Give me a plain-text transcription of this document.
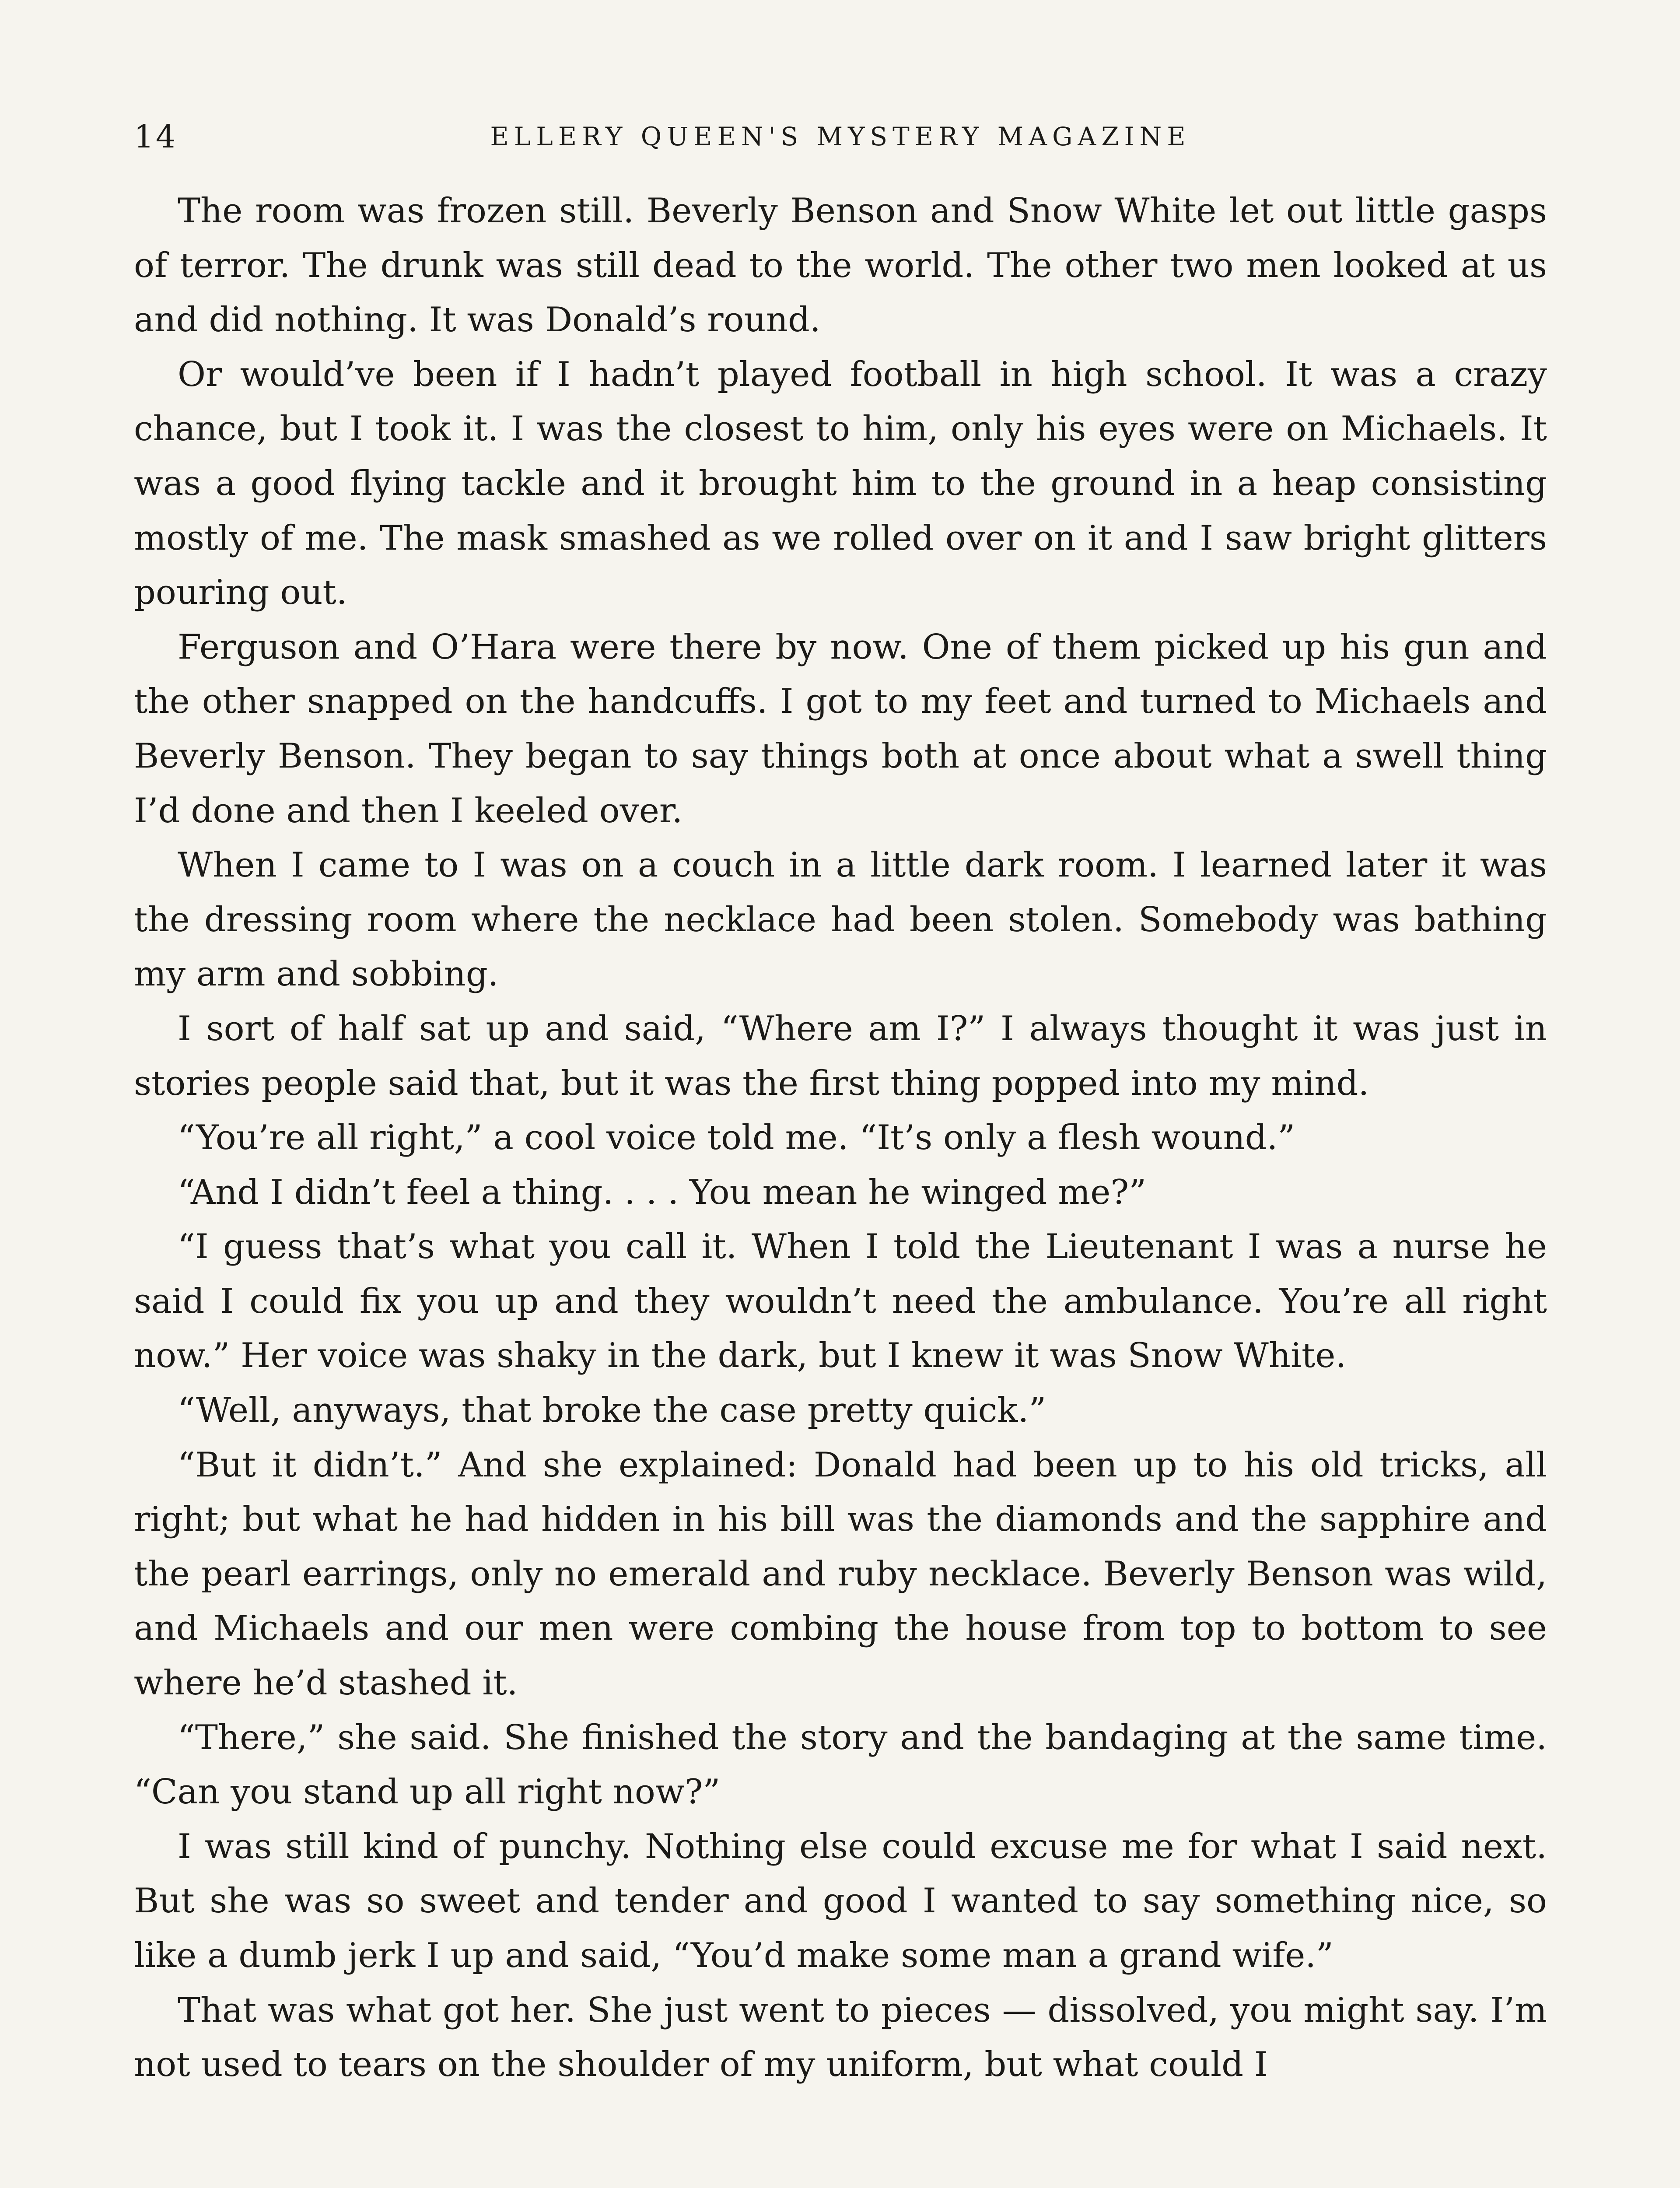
14	ELLERY QUEEN'S MYSTERY MAGAZINE

The room was frozen still. Beverly Benson and Snow White let out little gasps of terror. The drunk was still dead to the world. The other two men looked at us and did nothing. It was Donald’s round.

Or would’ve been if I hadn’t played football in high school. It was a crazy chance, but I took it. I was the closest to him, only his eyes were on Michaels. It was a good flying tackle and it brought him to the ground in a heap consisting mostly of me. The mask smashed as we rolled over on it and I saw bright glitters pouring out.

Ferguson and O’Hara were there by now. One of them picked up his gun and the other snapped on the handcuffs. I got to my feet and turned to Michaels and Beverly Benson. They began to say things both at once about what a swell thing I’d done and then I keeled over.

When I came to I was on a couch in a little dark room. I learned later it was the dressing room where the necklace had been stolen. Somebody was bathing my arm and sobbing.

I sort of half sat up and said, “Where am I?” I always thought it was just in stories people said that, but it was the first thing popped into my mind.

“You’re all right,” a cool voice told me. “It’s only a flesh wound.”

“And I didn’t feel a thing. . . . You mean he winged me?”

“I guess that’s what you call it. When I told the Lieutenant I was a nurse he said I could fix you up and they wouldn’t need the ambulance. You’re all right now.” Her voice was shaky in the dark, but I knew it was Snow White.

“Well, anyways, that broke the case pretty quick.”

“But it didn’t.” And she explained: Donald had been up to his old tricks, all right; but what he had hidden in his bill was the diamonds and the sapphire and the pearl earrings, only no emerald and ruby necklace. Beverly Benson was wild, and Michaels and our men were combing the house from top to bottom to see where he’d stashed it.

“There,” she said. She finished the story and the bandaging at the same time. “Can you stand up all right now?”

I was still kind of punchy. Nothing else could excuse me for what I said next. But she was so sweet and tender and good I wanted to say something nice, so like a dumb jerk I up and said, “You’d make some man a grand wife.”

That was what got her. She just went to pieces — dissolved, you might say. I’m not used to tears on the shoulder of my uniform, but what could I
